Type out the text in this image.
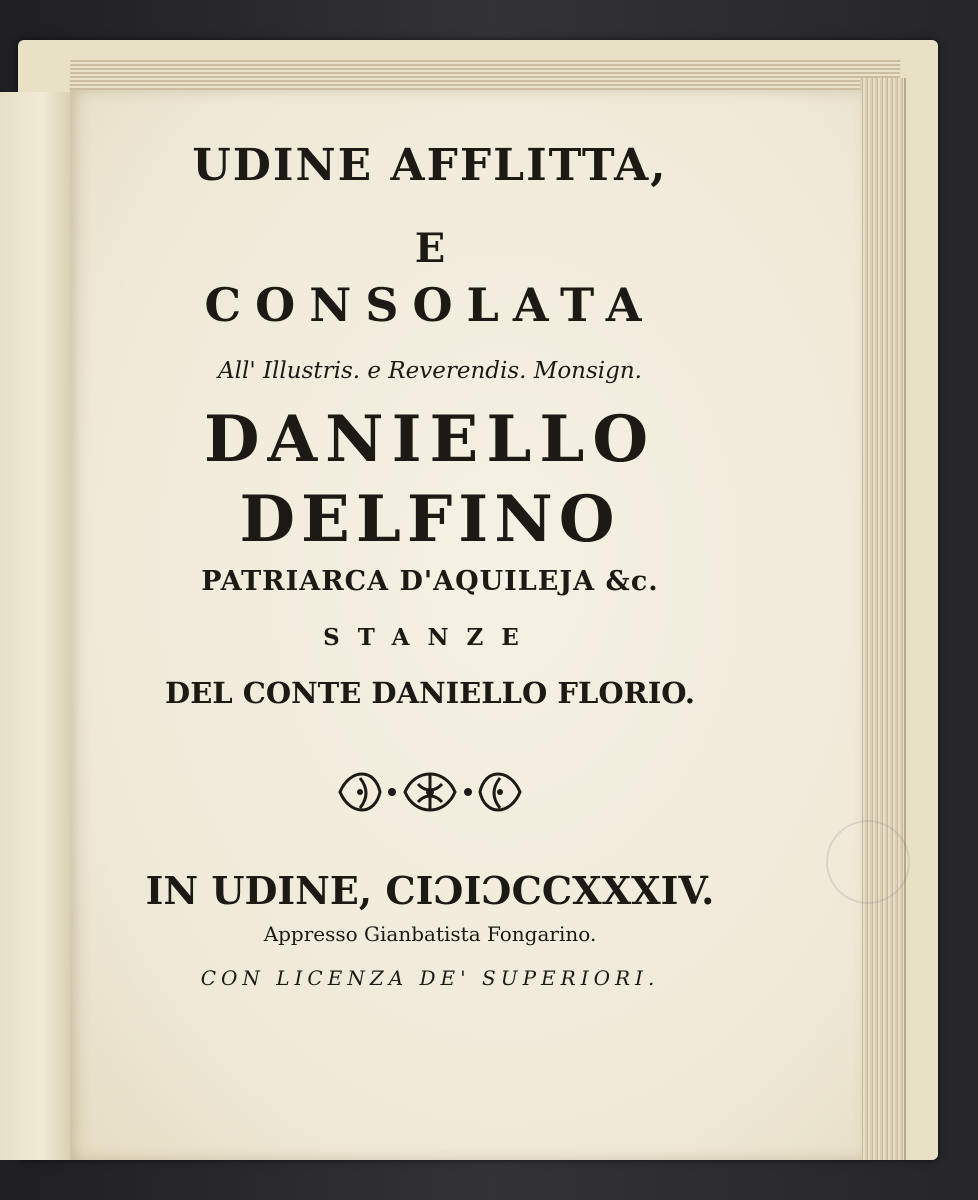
UDINE AFFLITTA,
E
CONSOLATA
All' Illustris. e Reverendis. Monsign.
DANIELLO
DELFINO
PATRIARCA D'AQUILEJA &c.
STANZE
DEL CONTE DANIELLO FLORIO.
IN UDINE, CIƆIƆCCXXXIV.
Appresso Gianbatista Fongarino.
CON LICENZA DE' SUPERIORI.
